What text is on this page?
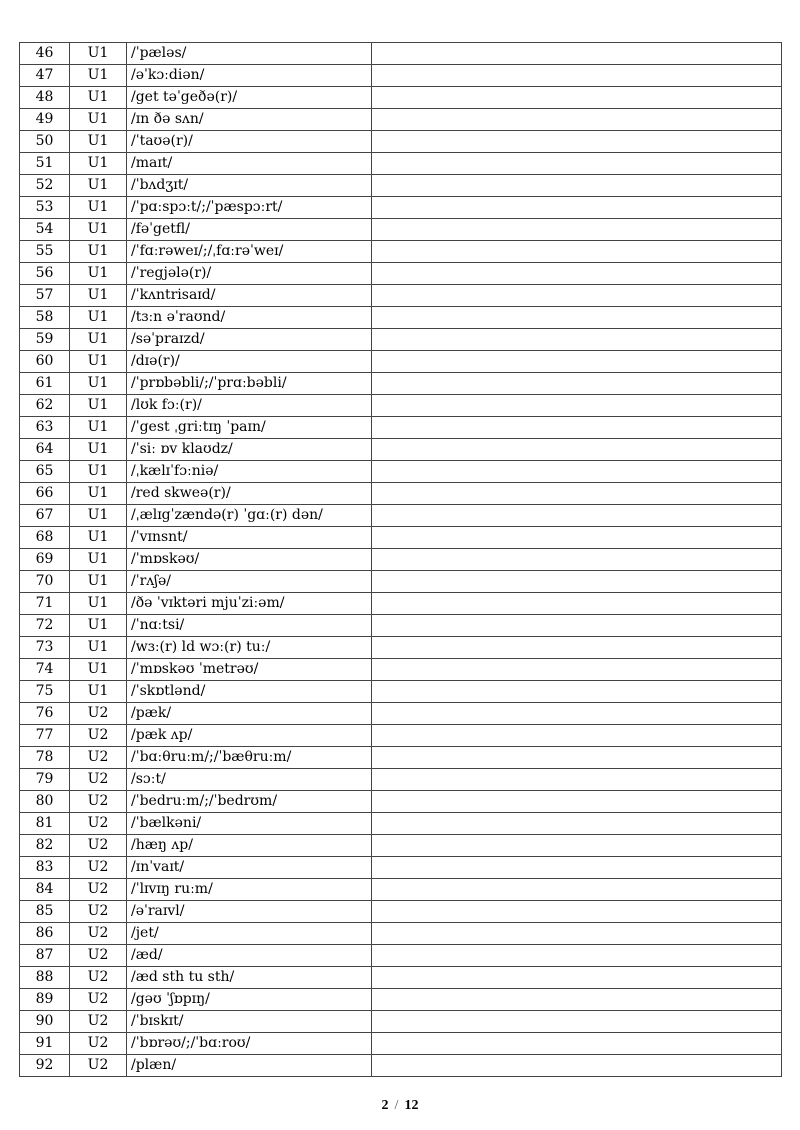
46	U1	/ˈpæləs/	
47	U1	/əˈkɔːdiən/	
48	U1	/get təˈgeðə(r)/	
49	U1	/ɪn ðə sʌn/	
50	U1	/ˈtaʊə(r)/	
51	U1	/maɪt/	
52	U1	/ˈbʌdʒɪt/	
53	U1	/ˈpɑːspɔːt/;/ˈpæspɔːrt/	
54	U1	/fəˈgetfl/	
55	U1	/ˈfɑːrəweɪ/;/ˌfɑːrəˈweɪ/	
56	U1	/ˈregjələ(r)/	
57	U1	/ˈkʌntrisaɪd/	
58	U1	/tɜːn əˈraʊnd/	
59	U1	/səˈpraɪzd/	
60	U1	/dɪə(r)/	
61	U1	/ˈprɒbəbli/;/ˈprɑːbəbli/	
62	U1	/lʊk fɔː(r)/	
63	U1	/ˈgest ˌgriːtɪŋ ˈpaɪn/	
64	U1	/ˈsiː ɒv klaʊdz/	
65	U1	/ˌkælɪˈfɔːniə/	
66	U1	/red skweə(r)/	
67	U1	/ˌælɪgˈzændə(r) ˈgɑː(r) dən/	
68	U1	/ˈvɪnsnt/	
69	U1	/ˈmɒskəʊ/	
70	U1	/ˈrʌʃə/	
71	U1	/ðə ˈvɪktəri mjuˈziːəm/	
72	U1	/ˈnɑːtsi/	
73	U1	/wɜː(r) ld wɔː(r) tuː/	
74	U1	/ˈmɒskəʊ ˈmetrəʊ/	
75	U1	/ˈskɒtlənd/	
76	U2	/pæk/	
77	U2	/pæk ʌp/	
78	U2	/ˈbɑːθruːm/;/ˈbæθruːm/	
79	U2	/sɔːt/	
80	U2	/ˈbedruːm/;/ˈbedrʊm/	
81	U2	/ˈbælkəni/	
82	U2	/hæŋ ʌp/	
83	U2	/ɪnˈvaɪt/	
84	U2	/ˈlɪvɪŋ ruːm/	
85	U2	/əˈraɪvl/	
86	U2	/jet/	
87	U2	/æd/	
88	U2	/æd sth tu sth/	
89	U2	/gəʊ ˈʃɒpɪŋ/	
90	U2	/ˈbɪskɪt/	
91	U2	/ˈbɒrəʊ/;/ˈbɑːroʊ/	
92	U2	/plæn/	
2 / 12
